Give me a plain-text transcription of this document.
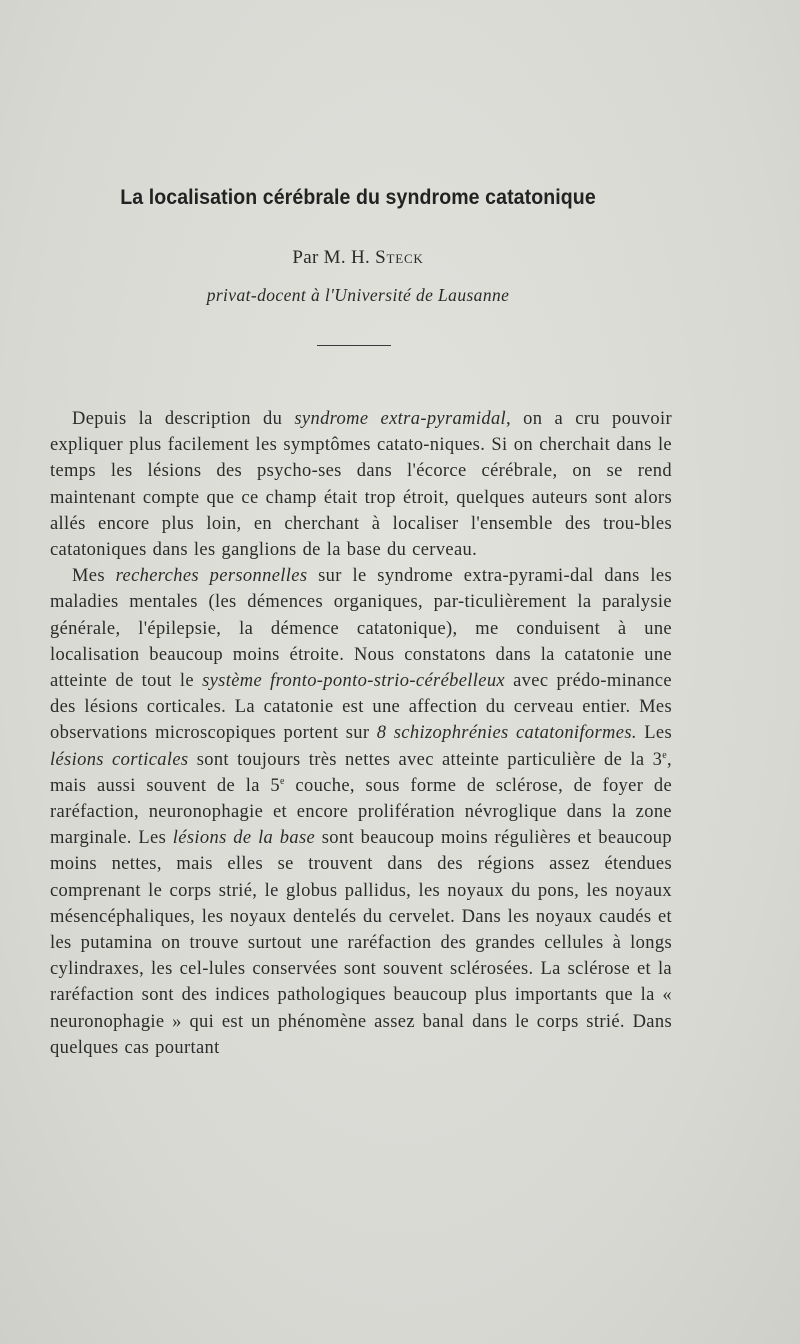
La localisation cérébrale du syndrome catatonique
Par M. H. Steck
privat-docent à l'Université de Lausanne

Depuis la description du syndrome extra-pyramidal, on a cru pouvoir expliquer plus facilement les symptômes catato-niques. Si on cherchait dans le temps les lésions des psycho-ses dans l'écorce cérébrale, on se rend maintenant compte que ce champ était trop étroit, quelques auteurs sont alors allés encore plus loin, en cherchant à localiser l'ensemble des trou-bles catatoniques dans les ganglions de la base du cerveau.

Mes recherches personnelles sur le syndrome extra-pyrami-dal dans les maladies mentales (les démences organiques, par-ticulièrement la paralysie générale, l'épilepsie, la démence catatonique), me conduisent à une localisation beaucoup moins étroite. Nous constatons dans la catatonie une atteinte de tout le système fronto-ponto-strio-cérébelleux avec prédo-minance des lésions corticales. La catatonie est une affection du cerveau entier. Mes observations microscopiques portent sur 8 schizophrénies catatoniformes. Les lésions corticales sont toujours très nettes avec atteinte particulière de la 3e, mais aussi souvent de la 5e couche, sous forme de sclérose, de foyer de raréfaction, neuronophagie et encore prolifération névroglique dans la zone marginale. Les lésions de la base sont beaucoup moins régulières et beaucoup moins nettes, mais elles se trouvent dans des régions assez étendues comprenant le corps strié, le globus pallidus, les noyaux du pons, les noyaux mésencéphaliques, les noyaux dentelés du cervelet. Dans les noyaux caudés et les putamina on trouve surtout une raréfaction des grandes cellules à longs cylindraxes, les cel-lules conservées sont souvent sclérosées. La sclérose et la raréfaction sont des indices pathologiques beaucoup plus importants que la « neuronophagie » qui est un phénomène assez banal dans le corps strié. Dans quelques cas pourtant
